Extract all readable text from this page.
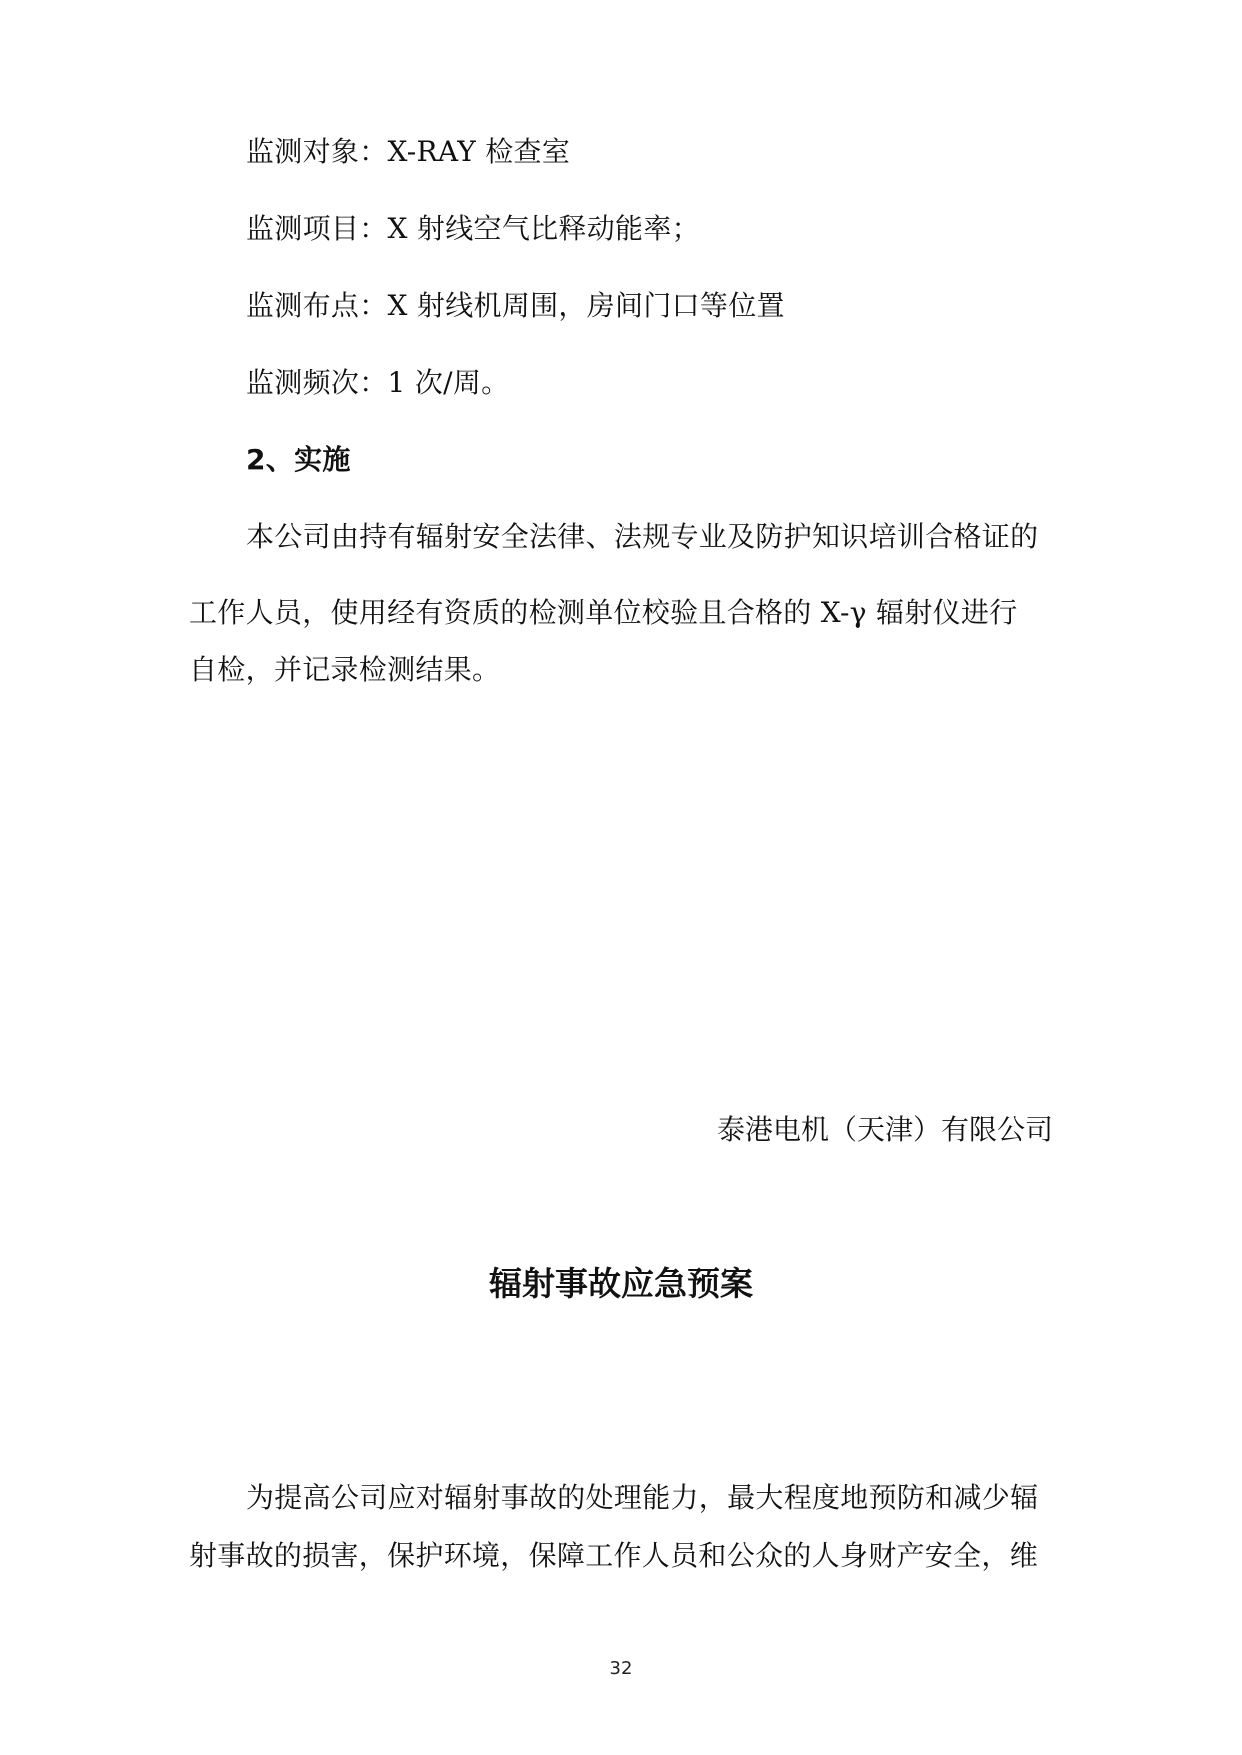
监测对象：X-RAY 检查室
监测项目：X 射线空气比释动能率；
监测布点：X 射线机周围，房间门口等位置
监测频次：1 次/周。
2、实施
本公司由持有辐射安全法律、法规专业及防护知识培训合格证的
工作人员，使用经有资质的检测单位校验且合格的 X-γ 辐射仪进行
自检，并记录检测结果。
泰港电机（天津）有限公司
辐射事故应急预案
为提高公司应对辐射事故的处理能力，最大程度地预防和减少辐
射事故的损害，保护环境，保障工作人员和公众的人身财产安全，维
32
